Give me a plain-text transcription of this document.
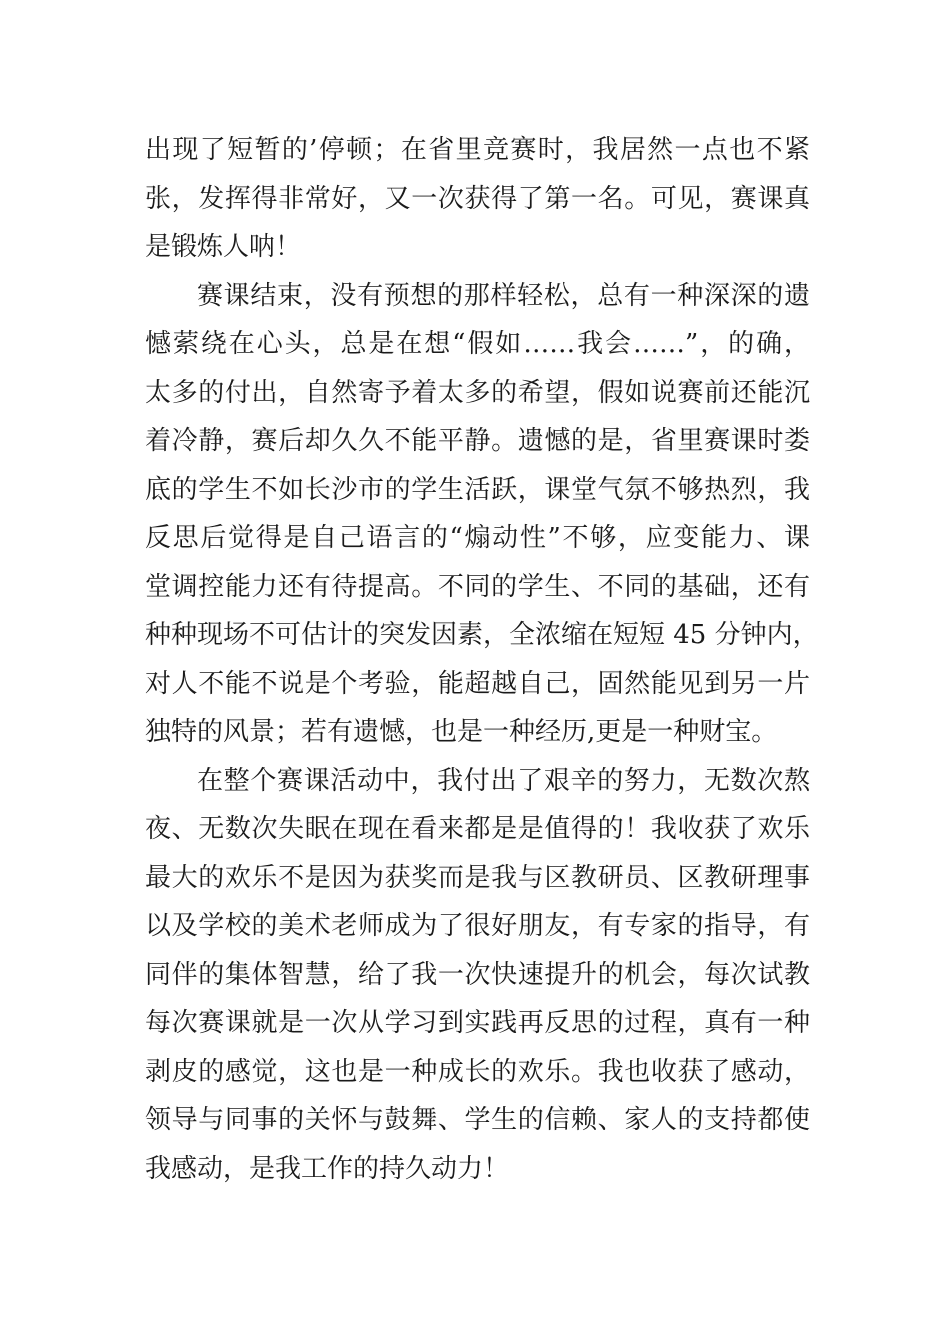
出现了短暂的’停顿；在省里竞赛时，我居然一点也不紧
张，发挥得非常好，又一次获得了第一名。可见，赛课真
是锻炼人呐！
赛课结束，没有预想的那样轻松，总有一种深深的遗
憾萦绕在心头，总是在想“假如……我会……”，的确，
太多的付出，自然寄予着太多的希望，假如说赛前还能沉
着冷静，赛后却久久不能平静。遗憾的是，省里赛课时娄
底的学生不如长沙市的学生活跃，课堂气氛不够热烈，我
反思后觉得是自己语言的“煽动性”不够，应变能力、课
堂调控能力还有待提高。不同的学生、不同的基础，还有
种种现场不可估计的突发因素，全浓缩在短短 45 分钟内，
对人不能不说是个考验，能超越自己，固然能见到另一片
独特的风景；若有遗憾，也是一种经历,更是一种财宝。
在整个赛课活动中，我付出了艰辛的努力，无数次熬
夜、无数次失眠在现在看来都是是值得的！我收获了欢乐
最大的欢乐不是因为获奖而是我与区教研员、区教研理事
以及学校的美术老师成为了很好朋友，有专家的指导，有
同伴的集体智慧，给了我一次快速提升的机会，每次试教
每次赛课就是一次从学习到实践再反思的过程，真有一种
剥皮的感觉，这也是一种成长的欢乐。我也收获了感动，
领导与同事的关怀与鼓舞、学生的信赖、家人的支持都使
我感动，是我工作的持久动力！
